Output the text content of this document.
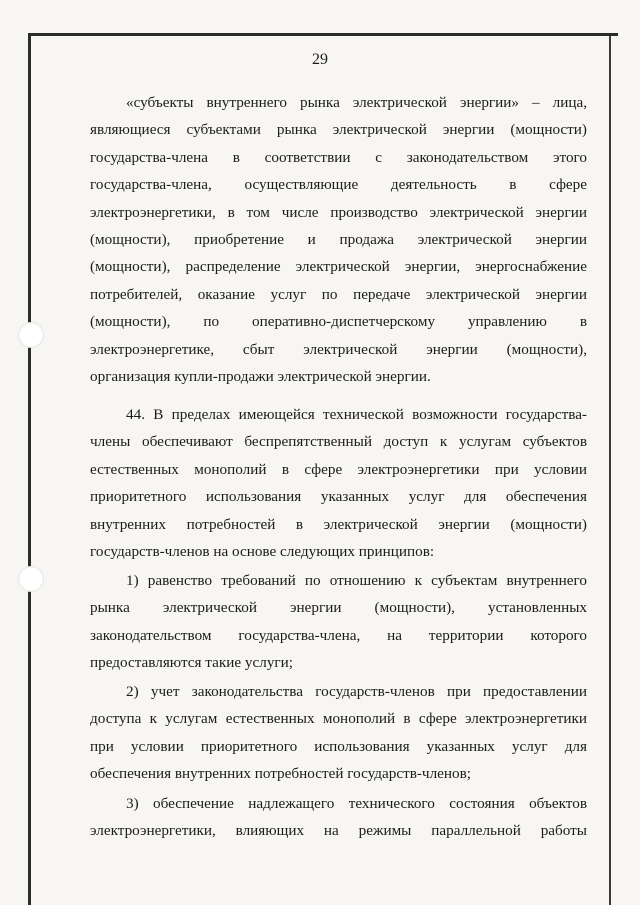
29
«субъекты внутреннего рынка электрической энергии» – лица,
являющиеся субъектами рынка электрической энергии (мощности)
государства-члена в соответствии с законодательством этого
государства-члена, осуществляющие деятельность в сфере
электроэнергетики, в том числе производство электрической энергии
(мощности), приобретение и продажа электрической энергии
(мощности), распределение электрической энергии, энергоснабжение
потребителей, оказание услуг по передаче электрической энергии
(мощности), по оперативно-диспетчерскому управлению в
электроэнергетике, сбыт электрической энергии (мощности),
организация купли-продажи электрической энергии.
44. В пределах имеющейся технической возможности государства-
члены обеспечивают беспрепятственный доступ к услугам субъектов
естественных монополий в сфере электроэнергетики при условии
приоритетного использования указанных услуг для обеспечения
внутренних потребностей в электрической энергии (мощности)
государств-членов на основе следующих принципов:
1) равенство требований по отношению к субъектам внутреннего
рынка электрической энергии (мощности), установленных
законодательством государства-члена, на территории которого
предоставляются такие услуги;
2) учет законодательства государств-членов при предоставлении
доступа к услугам естественных монополий в сфере электроэнергетики
при условии приоритетного использования указанных услуг для
обеспечения внутренних потребностей государств-членов;
3) обеспечение надлежащего технического состояния объектов
электроэнергетики, влияющих на режимы параллельной работы
